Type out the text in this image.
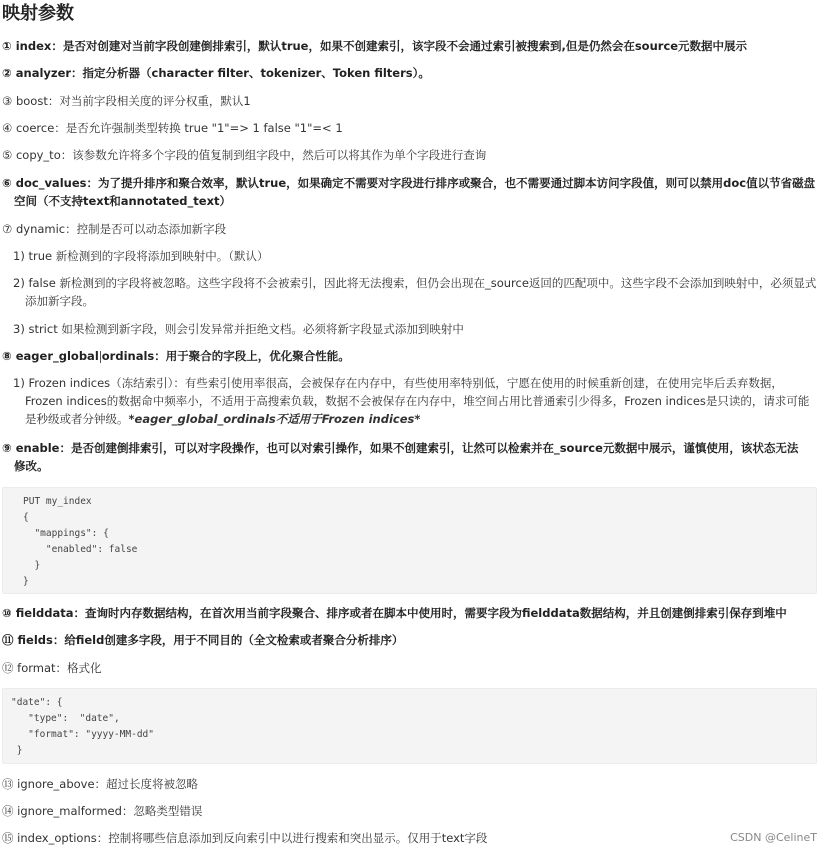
映射参数
① index：是否对创建对当前字段创建倒排索引，默认true，如果不创建索引，该字段不会通过索引被搜索到,但是仍然会在source元数据中展示
② analyzer：指定分析器（character filter、tokenizer、Token filters）。
③ boost：对当前字段相关度的评分权重，默认1
④ coerce：是否允许强制类型转换 true "1"=> 1 false "1"=< 1
⑤ copy_to：该参数允许将多个字段的值复制到组字段中，然后可以将其作为单个字段进行查询
⑥ doc_values：为了提升排序和聚合效率，默认true，如果确定不需要对字段进行排序或聚合，也不需要通过脚本访问字段值，则可以禁用doc值以节省磁盘
空间（不支持text和annotated_text）
⑦ dynamic：控制是否可以动态添加新字段
1) true 新检测到的字段将添加到映射中。（默认）
2) false 新检测到的字段将被忽略。这些字段将不会被索引，因此将无法搜索，但仍会出现在_source返回的匹配项中。这些字段不会添加到映射中，必须显式
添加新字段。
3) strict 如果检测到新字段，则会引发异常并拒绝文档。必须将新字段显式添加到映射中
⑧ eager_global ordinals：用于聚合的字段上，优化聚合性能。
1) Frozen indices（冻结索引）：有些索引使用率很高，会被保存在内存中，有些使用率特别低，宁愿在使用的时候重新创建，在使用完毕后丢弃数据，
Frozen indices的数据命中频率小，不适用于高搜索负载，数据不会被保存在内存中，堆空间占用比普通索引少得多，Frozen indices是只读的，请求可能
是秒级或者分钟级。*eager_global_ordinals不适用于Frozen indices*
⑨ enable：是否创建倒排索引，可以对字段操作，也可以对索引操作，如果不创建索引，让然可以检索并在_source元数据中展示，谨慎使用，该状态无法
修改。
PUT my_index
{
"mappings": {
"enabled": false
}
}
⑩ fielddata：查询时内存数据结构，在首次用当前字段聚合、排序或者在脚本中使用时，需要字段为fielddata数据结构，并且创建倒排索引保存到堆中
⑪ fields：给field创建多字段，用于不同目的（全文检索或者聚合分析排序）
⑫ format：格式化
"date": {
"type":  "date",
"format": "yyyy-MM-dd"
}
⑬ ignore_above：超过长度将被忽略
⑭ ignore_malformed：忽略类型错误
⑮ index_options：控制将哪些信息添加到反向索引中以进行搜索和突出显示。仅用于text字段	CSDN @CelineT
